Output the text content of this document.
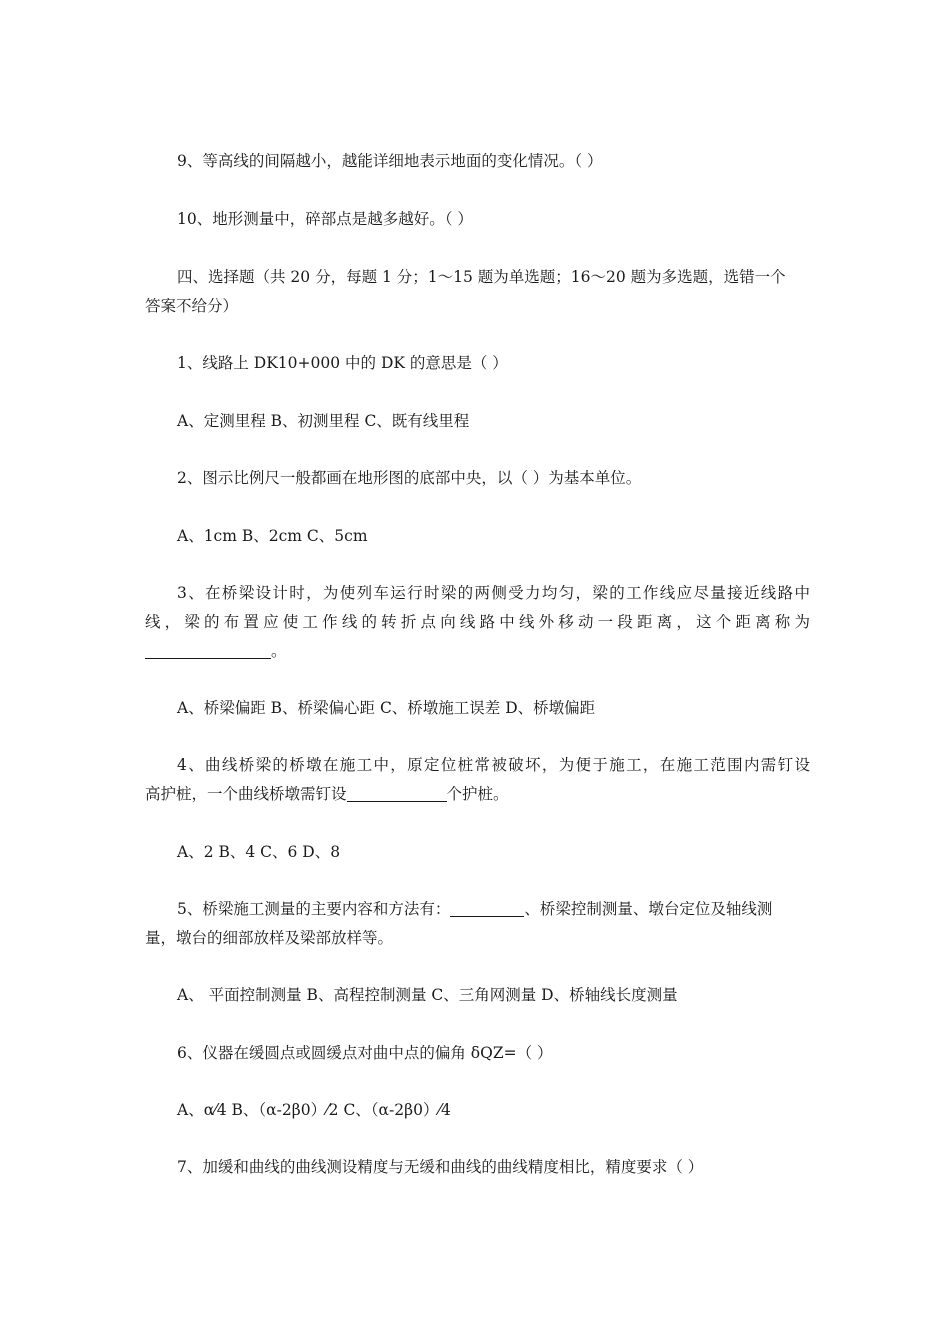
9、等高线的间隔越小，越能详细地表示地面的变化情况。（ ）
10、地形测量中，碎部点是越多越好。（ ）
四、选择题（共 20 分，每题 1 分；1～15 题为单选题；16～20 题为多选题，选错一个
答案不给分）
1、线路上 DK10+000 中的 DK 的意思是（ ）
A、定测里程 B、初测里程 C、既有线里程
2、图示比例尺一般都画在地形图的底部中央，以（ ）为基本单位。
A、1cm B、2cm C、5cm
3、在桥梁设计时，为使列车运行时梁的两侧受力均匀，梁的工作线应尽量接近线路中
线，梁的布置应使工作线的转折点向线路中线外移动一段距离，这个距离称为
。
A、桥梁偏距 B、桥梁偏心距 C、桥墩施工误差 D、桥墩偏距
4、曲线桥梁的桥墩在施工中，原定位桩常被破坏，为便于施工，在施工范围内需钉设
高护桩，一个曲线桥墩需钉设	个护桩。
A、2 B、4 C、6 D、8
5、桥梁施工测量的主要内容和方法有：	、桥梁控制测量、墩台定位及轴线测
量，墩台的细部放样及梁部放样等。
A、 平面控制测量 B、高程控制测量 C、三角网测量 D、桥轴线长度测量
6、仪器在缓圆点或圆缓点对曲中点的偏角 δQZ=（ ）
A、α⁄4 B、（α-2β0）⁄2 C、（α-2β0）⁄4
7、加缓和曲线的曲线测设精度与无缓和曲线的曲线精度相比，精度要求（ ）
